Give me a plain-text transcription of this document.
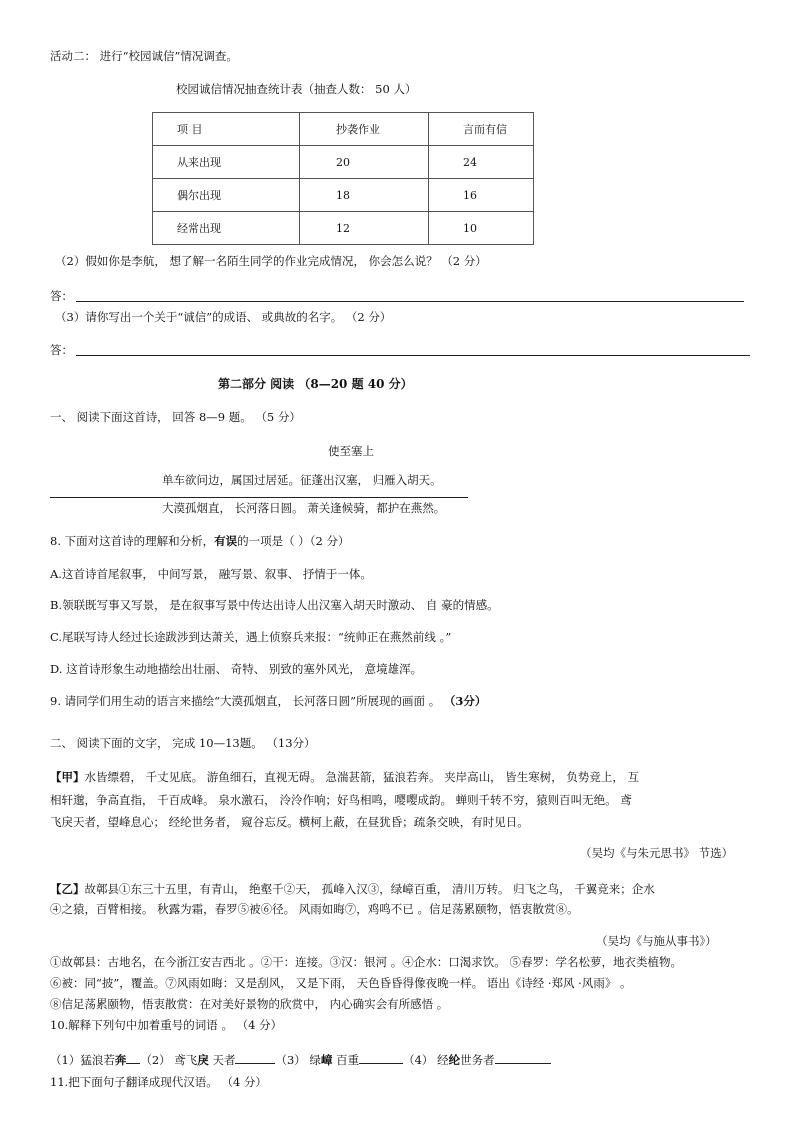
活动二： 进行“校园诚信”情况调查。
校园诚信情况抽查统计表（抽查人数： 50 人）
项 目	抄袭作业	言而有信
从来出现	20	24
偶尔出现	18	16
经常出现	12	10
（2）假如你是李航， 想了解一名陌生同学的作业完成情况， 你会怎么说？ （2 分）
答：
（3）请你写出一个关于“诚信”的成语、 或典故的名字。 （2 分）
答：
第二部分 阅读 （8—20 题 40 分）
一、 阅读下面这首诗， 回答 8—9 题。 （5 分）
使至塞上
单车欲问边，属国过居延。征蓬出汉塞， 归雁入胡天。
大漠孤烟直， 长河落日圆。 萧关逢候骑，都护在燕然。
8. 下面对这首诗的理解和分析，有误的一项是（ ）（2 分）
A.这首诗首尾叙事， 中间写景， 融写景、叙事、 抒情于一体。
B.领联既写事又写景， 是在叙事写景中传达出诗人出汉塞入胡天时激动、 自 豪的情感。
C.尾联写诗人经过长途跋涉到达萧关，遇上侦察兵来报：“统帅正在燕然前线 。”
D. 这首诗形象生动地描绘出壮丽、 奇特、 别致的塞外风光， 意境雄浑。
9. 请同学们用生动的语言来描绘“大漠孤烟直， 长河落日圆”所展现的画面 。 （3分）
二、 阅读下面的文字， 完成 10—13题。 （13分）
【甲】水皆缥碧， 千丈见底。 游鱼细石，直视无碍。 急湍甚箭，猛浪若奔。 夹岸高山， 皆生寒树， 负势竞上， 互
相轩邈，争高直指， 千百成峰。 泉水激石， 泠泠作响；好鸟相鸣，嘤嘤成韵。 蝉则千转不穷，猿则百叫无绝。 鸢
飞戾天者，望峰息心； 经纶世务者， 窥谷忘反。横柯上蔽，在昼犹昏；疏条交映，有时见日。
（吴均《与朱元思书》 节选）
【乙】故鄣县①东三十五里，有青山， 绝壑千②天， 孤峰入汉③，绿嶂百重， 清川万转。 归飞之鸟， 千翼竞来；企水
④之猿，百臂相接。 秋露为霜，春罗⑤被⑥径。 风雨如晦⑦，鸡鸣不已 。信足荡累颐物，悟衷散赏⑧。
（吴均《与施从事书》）
①故鄣县：古地名，在今浙江安吉西北 。②干：连接。③汉：银河 。④企水：口渴求饮。 ⑤春罗：学名松萝，地衣类植物。
⑥被：同“披”，覆盖。⑦风雨如晦：又是刮风， 又是下雨， 天色昏昏得像夜晚一样。 语出《诗经 ·郑风 ·风雨》 。
⑧信足荡累颐物，悟衷散赏：在对美好景物的欣赏中， 内心确实会有所感悟 。
10.解释下列句中加着重号的词语 。 （4 分）
（1）猛浪若奔 （2） 鸢飞戾 天者	（3） 绿嶂 百重	（4） 经纶世务者
11.把下面句子翻译成现代汉语。 （4 分）
